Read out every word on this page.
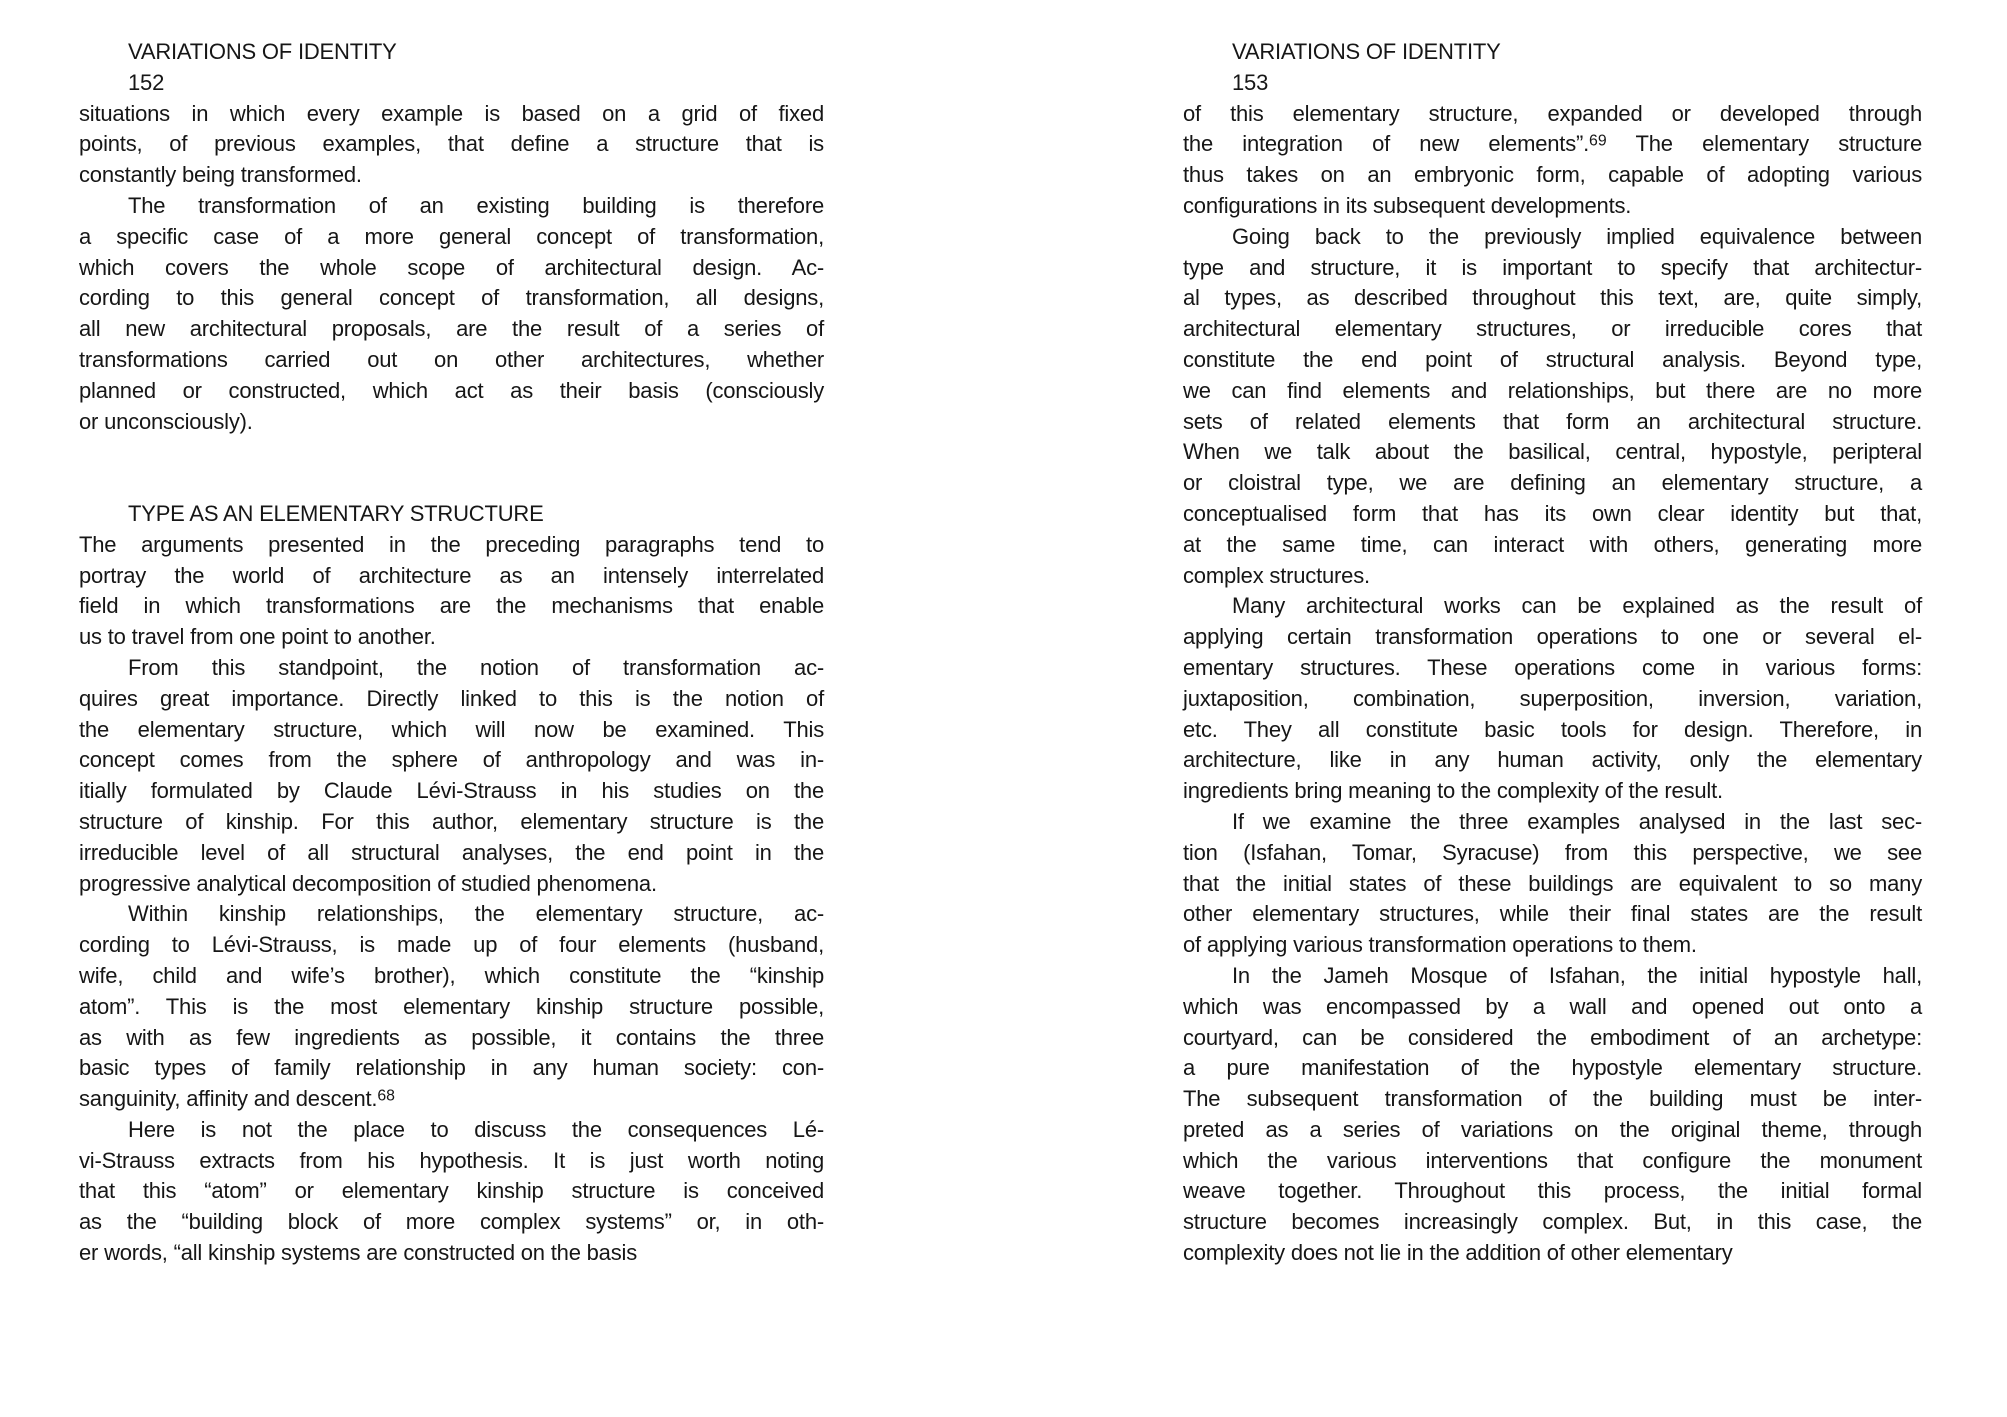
VARIATIONS OF IDENTITY
152
situations in which every example is based on a grid of fixed
points, of previous examples, that define a structure that is
constantly being transformed.
The transformation of an existing building is therefore
a specific case of a more general concept of transformation,
which covers the whole scope of architectural design. Ac-
cording to this general concept of transformation, all designs,
all new architectural proposals, are the result of a series of
transformations carried out on other architectures, whether
planned or constructed, which act as their basis (consciously
or unconsciously).
TYPE AS AN ELEMENTARY STRUCTURE
The arguments presented in the preceding paragraphs tend to
portray the world of architecture as an intensely interrelated
field in which transformations are the mechanisms that enable
us to travel from one point to another.
From this standpoint, the notion of transformation ac-
quires great importance. Directly linked to this is the notion of
the elementary structure, which will now be examined. This
concept comes from the sphere of anthropology and was in-
itially formulated by Claude Lévi-Strauss in his studies on the
structure of kinship. For this author, elementary structure is the
irreducible level of all structural analyses, the end point in the
progressive analytical decomposition of studied phenomena.
Within kinship relationships, the elementary structure, ac-
cording to Lévi-Strauss, is made up of four elements (husband,
wife, child and wife’s brother), which constitute the “kinship
atom”. This is the most elementary kinship structure possible,
as with as few ingredients as possible, it contains the three
basic types of family relationship in any human society: con-
sanguinity, affinity and descent.$^{68}$
Here is not the place to discuss the consequences Lé-
vi-Strauss extracts from his hypothesis. It is just worth noting
that this “atom” or elementary kinship structure is conceived
as the “building block of more complex systems” or, in oth-
er words, “all kinship systems are constructed on the basis
VARIATIONS OF IDENTITY
153
of this elementary structure, expanded or developed through
the integration of new elements”.$^{69}$ The elementary structure
thus takes on an embryonic form, capable of adopting various
configurations in its subsequent developments.
Going back to the previously implied equivalence between
type and structure, it is important to specify that architectur-
al types, as described throughout this text, are, quite simply,
architectural elementary structures, or irreducible cores that
constitute the end point of structural analysis. Beyond type,
we can find elements and relationships, but there are no more
sets of related elements that form an architectural structure.
When we talk about the basilical, central, hypostyle, peripteral
or cloistral type, we are defining an elementary structure, a
conceptualised form that has its own clear identity but that,
at the same time, can interact with others, generating more
complex structures.
Many architectural works can be explained as the result of
applying certain transformation operations to one or several el-
ementary structures. These operations come in various forms:
juxtaposition, combination, superposition, inversion, variation,
etc. They all constitute basic tools for design. Therefore, in
architecture, like in any human activity, only the elementary
ingredients bring meaning to the complexity of the result.
If we examine the three examples analysed in the last sec-
tion (Isfahan, Tomar, Syracuse) from this perspective, we see
that the initial states of these buildings are equivalent to so many
other elementary structures, while their final states are the result
of applying various transformation operations to them.
In the Jameh Mosque of Isfahan, the initial hypostyle hall,
which was encompassed by a wall and opened out onto a
courtyard, can be considered the embodiment of an archetype:
a pure manifestation of the hypostyle elementary structure.
The subsequent transformation of the building must be inter-
preted as a series of variations on the original theme, through
which the various interventions that configure the monument
weave together. Throughout this process, the initial formal
structure becomes increasingly complex. But, in this case, the
complexity does not lie in the addition of other elementary
